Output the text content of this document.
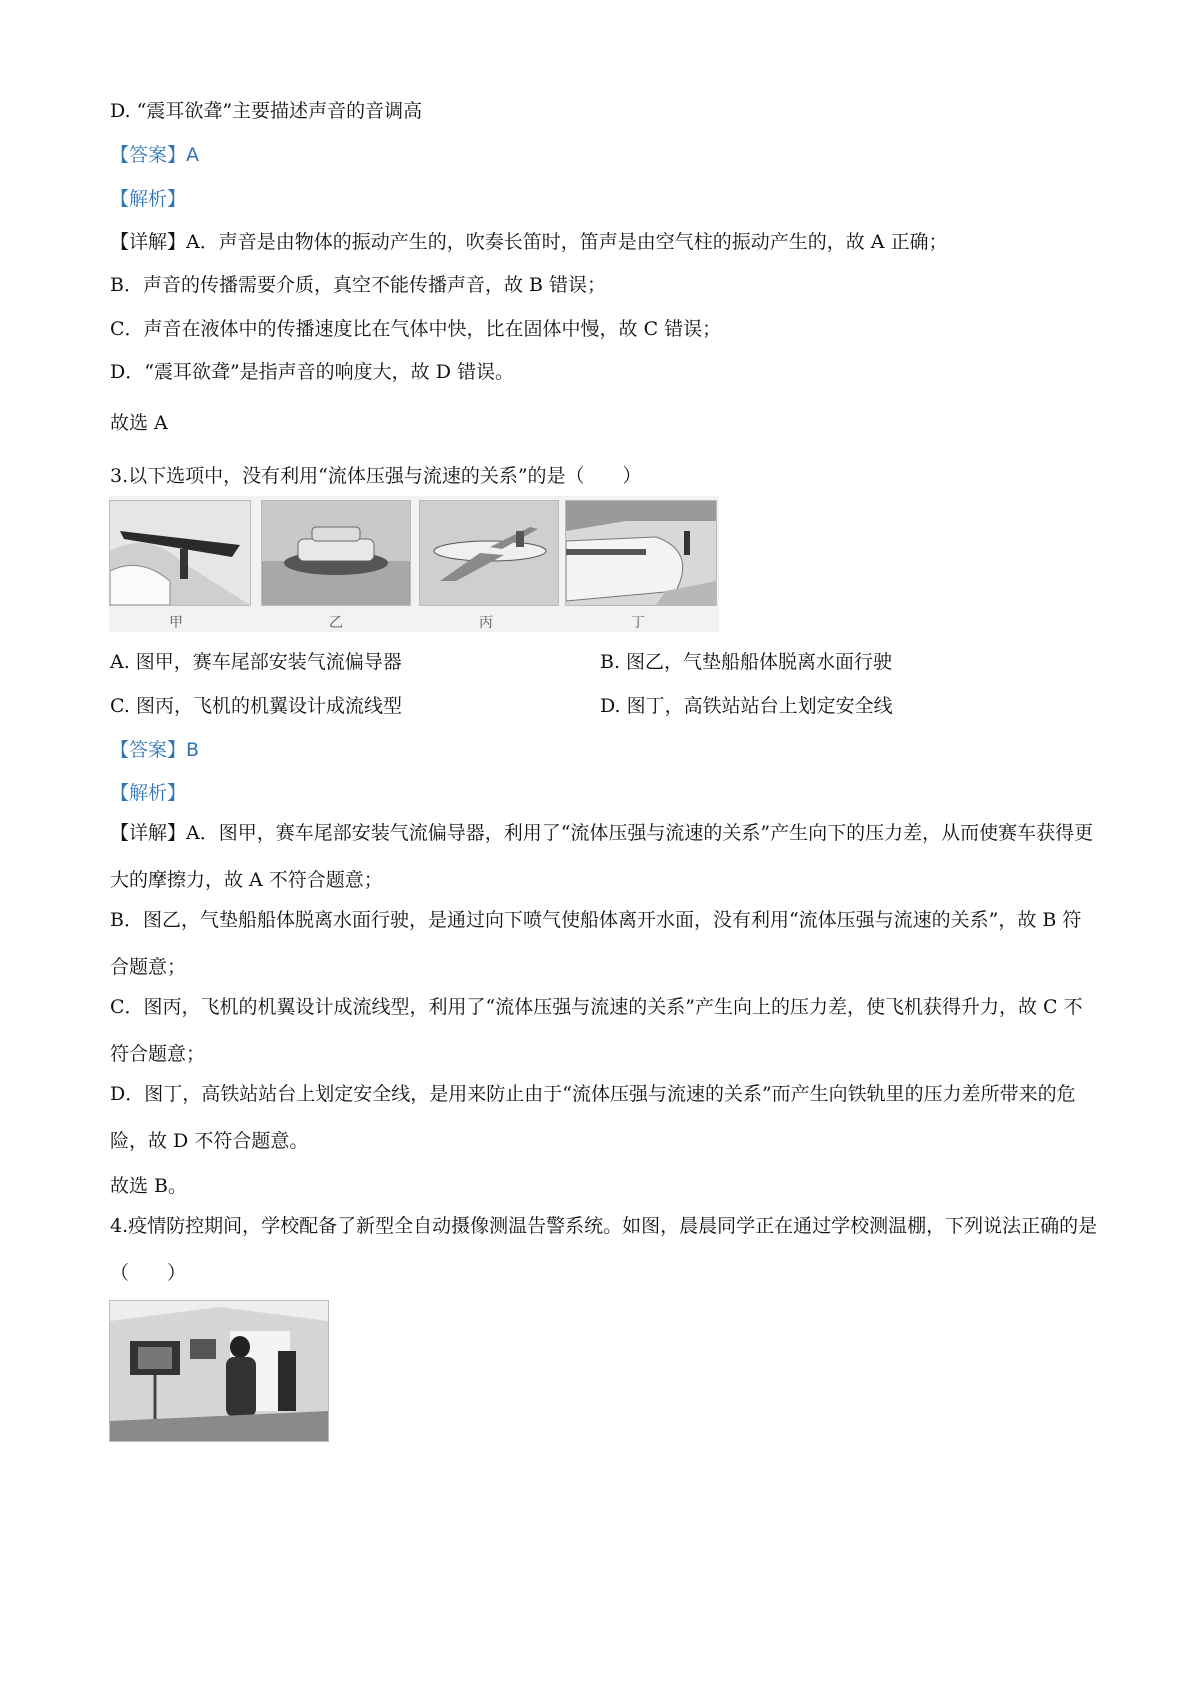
D. “震耳欲聋”主要描述声音的音调高
【答案】A
【解析】
【详解】A．声音是由物体的振动产生的，吹奏长笛时，笛声是由空气柱的振动产生的，故 A 正确；
B．声音的传播需要介质，真空不能传播声音，故 B 错误；
C．声音在液体中的传播速度比在气体中快，比在固体中慢，故 C 错误；
D．“震耳欲聋”是指声音的响度大，故 D 错误。
故选 A
3.以下选项中，没有利用“流体压强与流速的关系”的是（　　）
甲	乙	丙	丁
A. 图甲，赛车尾部安装气流偏导器	B. 图乙，气垫船船体脱离水面行驶
C. 图丙，飞机的机翼设计成流线型	D. 图丁，高铁站站台上划定安全线
【答案】B
【解析】
【详解】A．图甲，赛车尾部安装气流偏导器，利用了“流体压强与流速的关系”产生向下的压力差，从而使赛车获得更大的摩擦力，故 A 不符合题意；
B．图乙，气垫船船体脱离水面行驶，是通过向下喷气使船体离开水面，没有利用“流体压强与流速的关系”，故 B 符合题意；
C．图丙，飞机的机翼设计成流线型，利用了“流体压强与流速的关系”产生向上的压力差，使飞机获得升力，故 C 不符合题意；
D．图丁，高铁站站台上划定安全线，是用来防止由于“流体压强与流速的关系”而产生向铁轨里的压力差所带来的危险，故 D 不符合题意。
故选 B。
4.疫情防控期间，学校配备了新型全自动摄像测温告警系统。如图，晨晨同学正在通过学校测温棚，下列说法正确的是（　　）
